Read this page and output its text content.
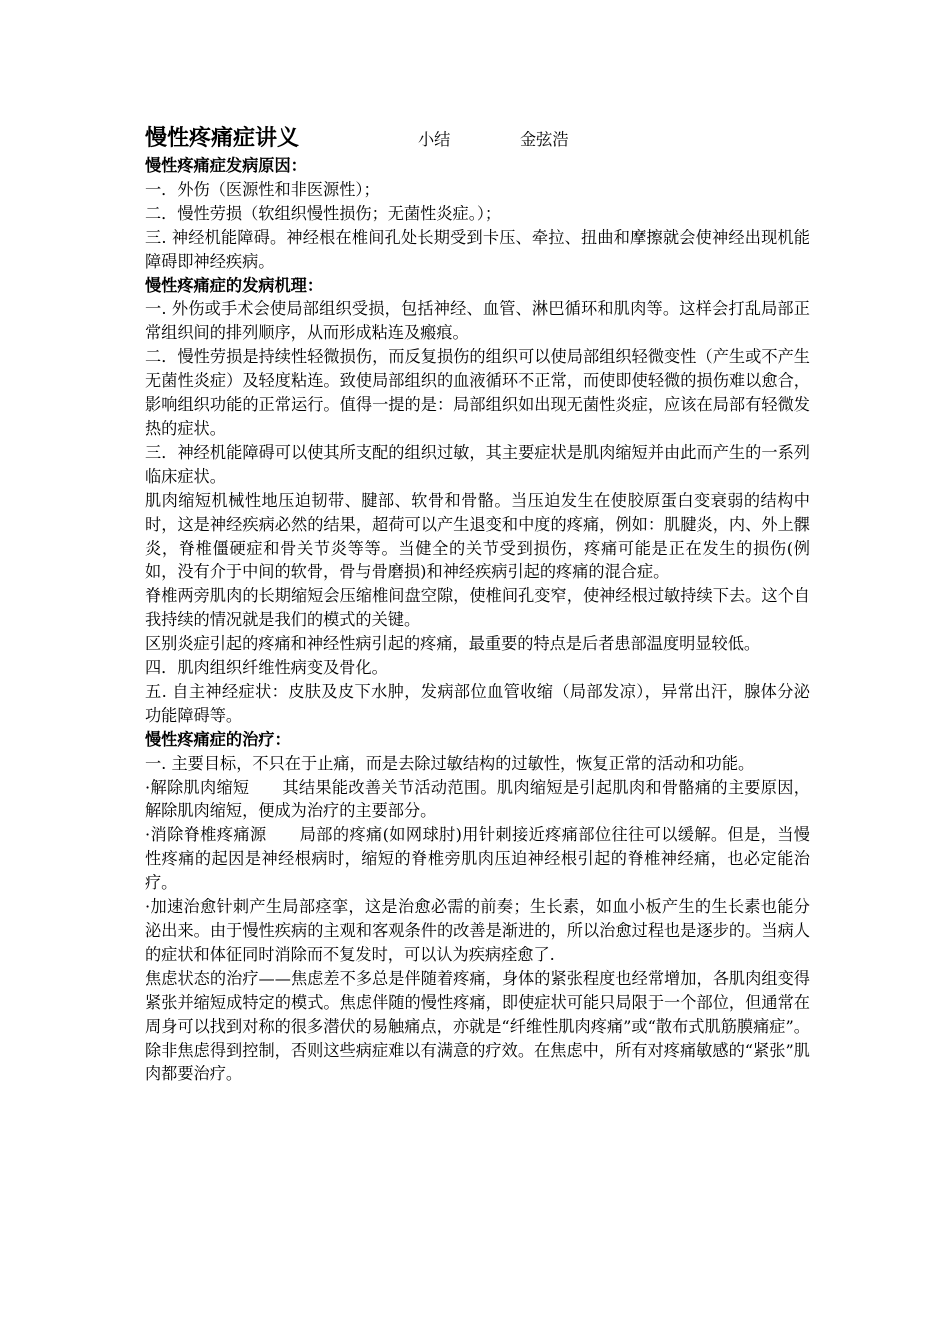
慢性疼痛症讲义	小结	金弦浩

慢性疼痛症发病原因：

一．外伤（医源性和非医源性）；

二．慢性劳损（软组织慢性损伤；无菌性炎症。）；

三. 神经机能障碍。神经根在椎间孔处长期受到卡压、牵拉、扭曲和摩擦就会使神经出现机能障碍即神经疾病。

慢性疼痛症的发病机理：

一. 外伤或手术会使局部组织受损，包括神经、血管、淋巴循环和肌肉等。这样会打乱局部正常组织间的排列顺序，从而形成粘连及瘢痕。

二．慢性劳损是持续性轻微损伤，而反复损伤的组织可以使局部组织轻微变性（产生或不产生无菌性炎症）及轻度粘连。致使局部组织的血液循环不正常，而使即使轻微的损伤难以愈合，影响组织功能的正常运行。值得一提的是：局部组织如出现无菌性炎症，应该在局部有轻微发热的症状。

三．神经机能障碍可以使其所支配的组织过敏，其主要症状是肌肉缩短并由此而产生的一系列临床症状。

肌肉缩短机械性地压迫韧带、腱部、软骨和骨骼。当压迫发生在使胶原蛋白变衰弱的结构中时，这是神经疾病必然的结果，超荷可以产生退变和中度的疼痛，例如：肌腱炎，内、外上髁炎，脊椎僵硬症和骨关节炎等等。当健全的关节受到损伤，疼痛可能是正在发生的损伤(例如，没有介于中间的软骨，骨与骨磨损)和神经疾病引起的疼痛的混合症。

脊椎两旁肌肉的长期缩短会压缩椎间盘空隙，使椎间孔变窄，使神经根过敏持续下去。这个自我持续的情况就是我们的模式的关键。

区别炎症引起的疼痛和神经性病引起的疼痛，最重要的特点是后者患部温度明显较低。

四．肌肉组织纤维性病变及骨化。

五. 自主神经症状：皮肤及皮下水肿，发病部位血管收缩（局部发凉），异常出汗，腺体分泌功能障碍等。

慢性疼痛症的治疗：

一. 主要目标，不只在于止痛，而是去除过敏结构的过敏性，恢复正常的活动和功能。

·解除肌肉缩短　　其结果能改善关节活动范围。肌肉缩短是引起肌肉和骨骼痛的主要原因，解除肌肉缩短，便成为治疗的主要部分。

·消除脊椎疼痛源　　局部的疼痛(如网球肘)用针刺接近疼痛部位往往可以缓解。但是，当慢性疼痛的起因是神经根病时，缩短的脊椎旁肌肉压迫神经根引起的脊椎神经痛，也必定能治疗。

·加速治愈针刺产生局部痉挛，这是治愈必需的前奏；生长素，如血小板产生的生长素也能分泌出来。由于慢性疾病的主观和客观条件的改善是渐进的，所以治愈过程也是逐步的。当病人的症状和体征同时消除而不复发时，可以认为疾病痊愈了.

焦虑状态的治疗——焦虑差不多总是伴随着疼痛，身体的紧张程度也经常增加，各肌肉组变得紧张并缩短成特定的模式。焦虑伴随的慢性疼痛，即使症状可能只局限于一个部位，但通常在周身可以找到对称的很多潜伏的易触痛点，亦就是“纤维性肌肉疼痛”或“散布式肌筋膜痛症”。除非焦虑得到控制，否则这些病症难以有满意的疗效。在焦虑中，所有对疼痛敏感的“紧张”肌肉都要治疗。
